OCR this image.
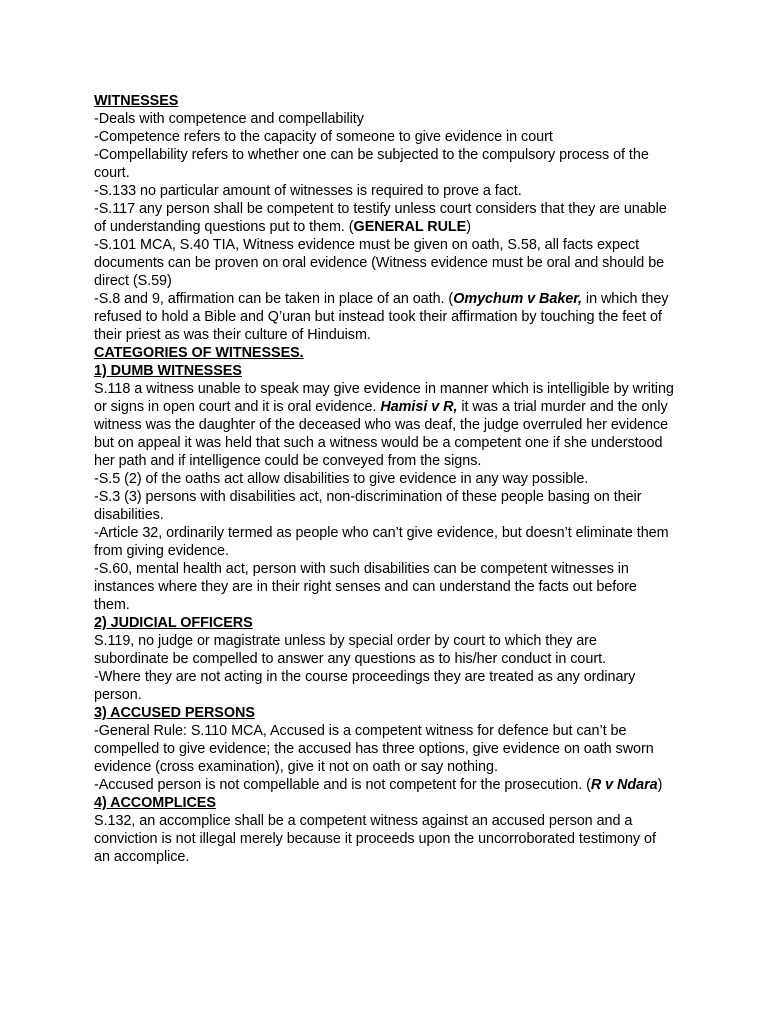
WITNESSES

-Deals with competence and compellability

-Competence refers to the capacity of someone to give evidence in court

-Compellability refers to whether one can be subjected to the compulsory process of the court.

-S.133 no particular amount of witnesses is required to prove a fact.

-S.117 any person shall be competent to testify unless court considers that they are unable of understanding questions put to them. (GENERAL RULE)

-S.101 MCA, S.40 TIA, Witness evidence must be given on oath, S.58, all facts expect documents can be proven on oral evidence (Witness evidence must be oral and should be direct (S.59)

-S.8 and 9, affirmation can be taken in place of an oath. (Omychum v Baker, in which they refused to hold a Bible and Q’uran but instead took their affirmation by touching the feet of their priest as was their culture of Hinduism.

CATEGORIES OF WITNESSES.

1) DUMB WITNESSES

S.118 a witness unable to speak may give evidence in manner which is intelligible by writing or signs in open court and it is oral evidence. Hamisi v R, it was a trial murder and the only witness was the daughter of the deceased who was deaf, the judge overruled her evidence but on appeal it was held that such a witness would be a competent one if she understood her path and if intelligence could be conveyed from the signs.

-S.5 (2) of the oaths act allow disabilities to give evidence in any way possible.

-S.3 (3) persons with disabilities act, non-discrimination of these people basing on their disabilities.

-Article 32, ordinarily termed as people who can’t give evidence, but doesn’t eliminate them from giving evidence.

-S.60, mental health act, person with such disabilities can be competent witnesses in instances where they are in their right senses and can understand the facts out before them.

2) JUDICIAL OFFICERS

S.119, no judge or magistrate unless by special order by court to which they are subordinate be compelled to answer any questions as to his/her conduct in court.

-Where they are not acting in the course proceedings they are treated as any ordinary person.

3) ACCUSED PERSONS

-General Rule: S.110 MCA, Accused is a competent witness for defence but can’t be compelled to give evidence; the accused has three options, give evidence on oath sworn evidence (cross examination), give it not on oath or say nothing.

-Accused person is not compellable and is not competent for the prosecution. (R v Ndara)

4) ACCOMPLICES

S.132, an accomplice shall be a competent witness against an accused person and a conviction is not illegal merely because it proceeds upon the uncorroborated testimony of an accomplice.
